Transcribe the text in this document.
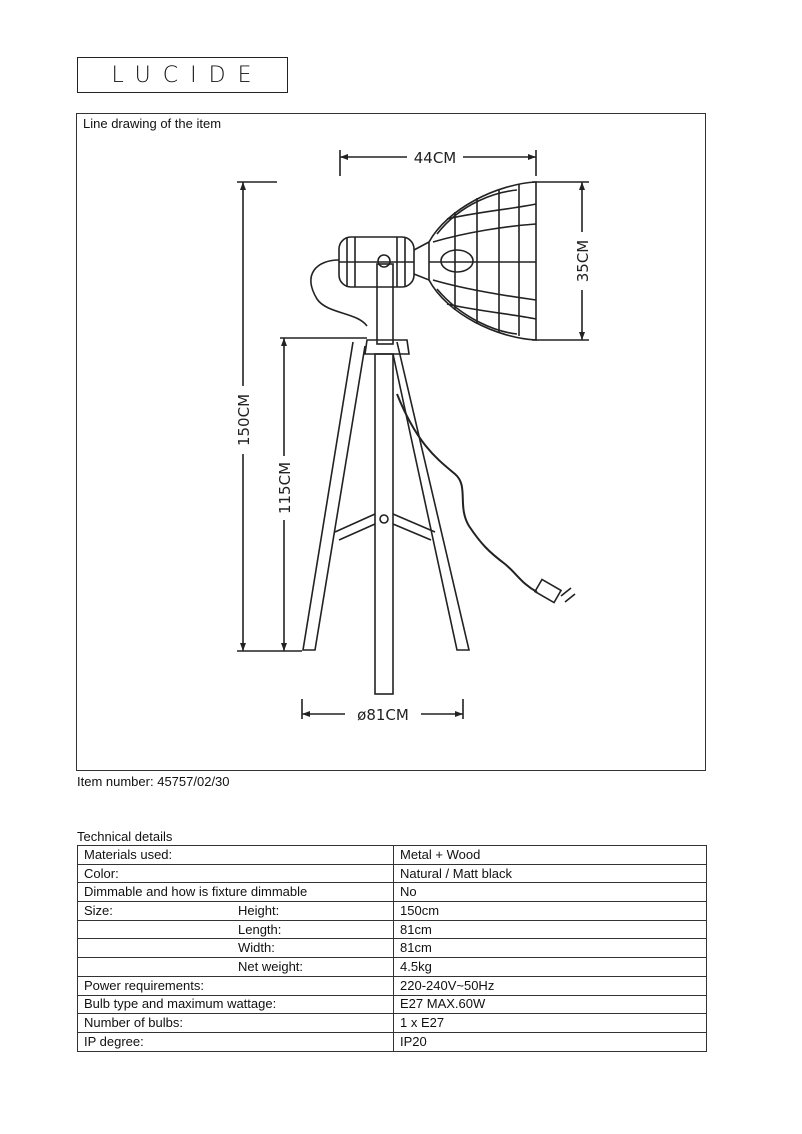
LUCIDE
Line drawing of the item
44CM
35CM
150CM
115CM
ø81CM
Item number: 45757/02/30
Technical details
Materials used:	Metal + Wood
Color:	Natural / Matt black
Dimmable and how is fixture dimmable	No
Size: Height:	150cm

Length:	81cm

Width:	81cm

Net weight:	4.5kg
Power requirements:	220-240V~50Hz
Bulb type and maximum wattage:	E27 MAX.60W
Number of bulbs:	1 x E27
IP degree:	IP20
